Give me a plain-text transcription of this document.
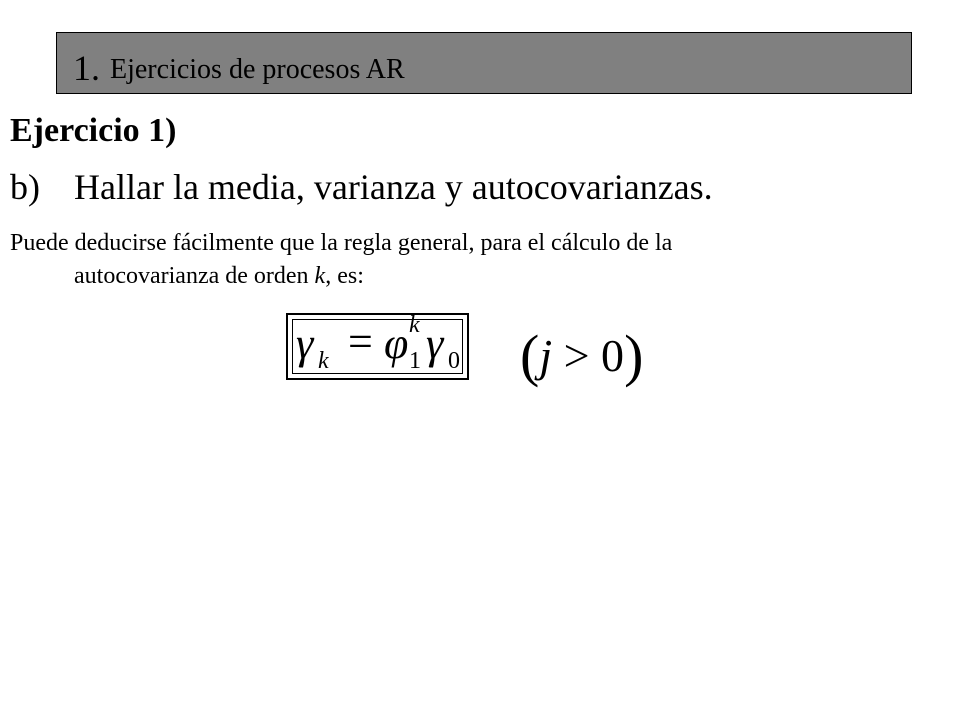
1. Ejercicios de procesos AR
Ejercicio 1)
b) Hallar la media, varianza y autocovarianzas.
Puede deducirse fácilmente que la regla general, para el cálculo de la
autocovarianza de orden k, es:
γ k = φ 1
k γ 0 (j > 0)
